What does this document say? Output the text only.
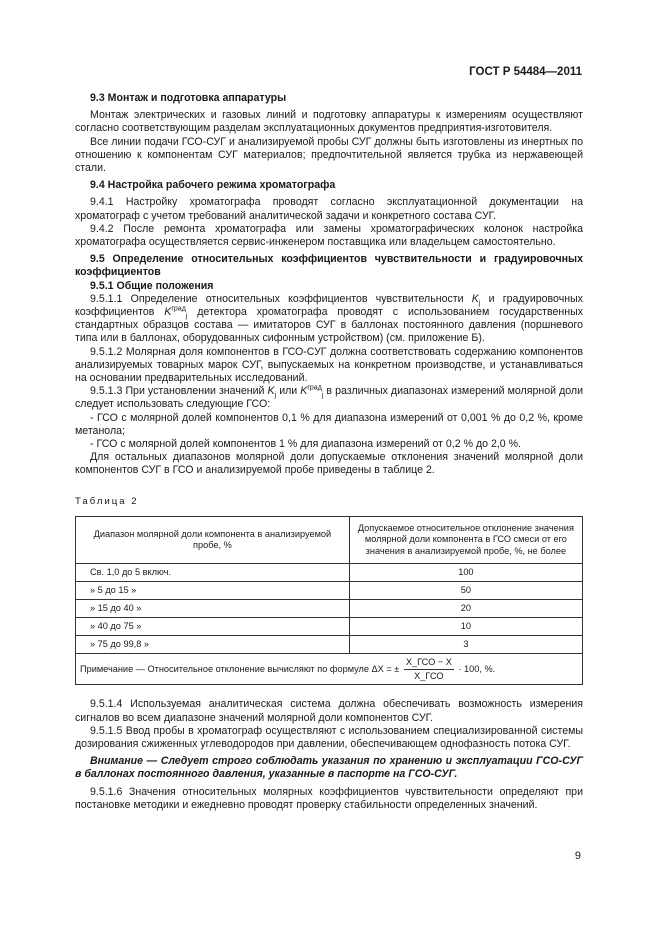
ГОСТ Р 54484—2011

9.3 Монтаж и подготовка аппаратуры

Монтаж электрических и газовых линий и подготовку аппаратуры к измерениям осуществляют согласно соответствующим разделам эксплуатационных документов предприятия-изготовителя.

Все линии подачи ГСО-СУГ и анализируемой пробы СУГ должны быть изготовлены из инертных по отношению к компонентам СУГ материалов; предпочтительной является трубка из нержавеющей стали.

9.4 Настройка рабочего режима хроматографа

9.4.1 Настройку хроматографа проводят согласно эксплуатационной документации на хроматограф с учетом требований аналитической задачи и конкретного состава СУГ.

9.4.2 После ремонта хроматографа или замены хроматографических колонок настройка хроматографа осуществляется сервис-инженером поставщика или владельцем самостоятельно.

9.5 Определение относительных коэффициентов чувствительности и градуировочных коэффициентов

9.5.1 Общие положения

9.5.1.1 Определение относительных коэффициентов чувствительности $K_j$ и градуировочных коэффициентов $K^{град}_j$ детектора хроматографа проводят с использованием государственных стандартных образцов состава — имитаторов СУГ в баллонах постоянного давления (поршневого типа или в баллонах, оборудованных сифонным устройством) (см. приложение Б).

9.5.1.2 Молярная доля компонентов в ГСО-СУГ должна соответствовать содержанию компонентов анализируемых товарных марок СУГ, выпускаемых на конкретном производстве, и устанавливаться на основании предварительных исследований.

9.5.1.3 При установлении значений $K_j$ или $K^{град}_j$ в различных диапазонах измерений молярной доли следует использовать следующие ГСО:

- ГСО с молярной долей компонентов 0,1 % для диапазона измерений от 0,001 % до 0,2 %, кроме метанола;

- ГСО с молярной долей компонентов 1 % для диапазона измерений от 0,2 % до 2,0 %.

Для остальных диапазонов молярной доли допускаемые отклонения значений молярной доли компонентов СУГ в ГСО и анализируемой пробе приведены в таблице 2.

Таблица 2

Диапазон молярной доли компонента в анализируемой пробе, %	Допускаемое относительное отклонение значения молярной доли компонента в ГСО смеси от его значения в анализируемой пробе, %, не более
Св. 1,0 до 5 включ.	100
» 5 до 15 »	50
» 15 до 40 »	20
» 40 до 75 »	10
» 75 до 99,8 »	3
Примечание — Относительное отклонение вычисляют по формуле ΔX = ±
X_ГСО − X
X_ГСО
· 100, %.	

9.5.1.4 Используемая аналитическая система должна обеспечивать возможность измерения сигналов во всем диапазоне значений молярной доли компонентов СУГ.

9.5.1.5 Ввод пробы в хроматограф осуществляют с использованием специализированной системы дозирования сжиженных углеводородов при давлении, обеспечивающем однофазность потока СУГ.

Внимание — Следует строго соблюдать указания по хранению и эксплуатации ГСО-СУГ в баллонах постоянного давления, указанные в паспорте на ГСО-СУГ.

9.5.1.6 Значения относительных молярных коэффициентов чувствительности определяют при постановке методики и ежедневно проводят проверку стабильности определенных значений.

9
